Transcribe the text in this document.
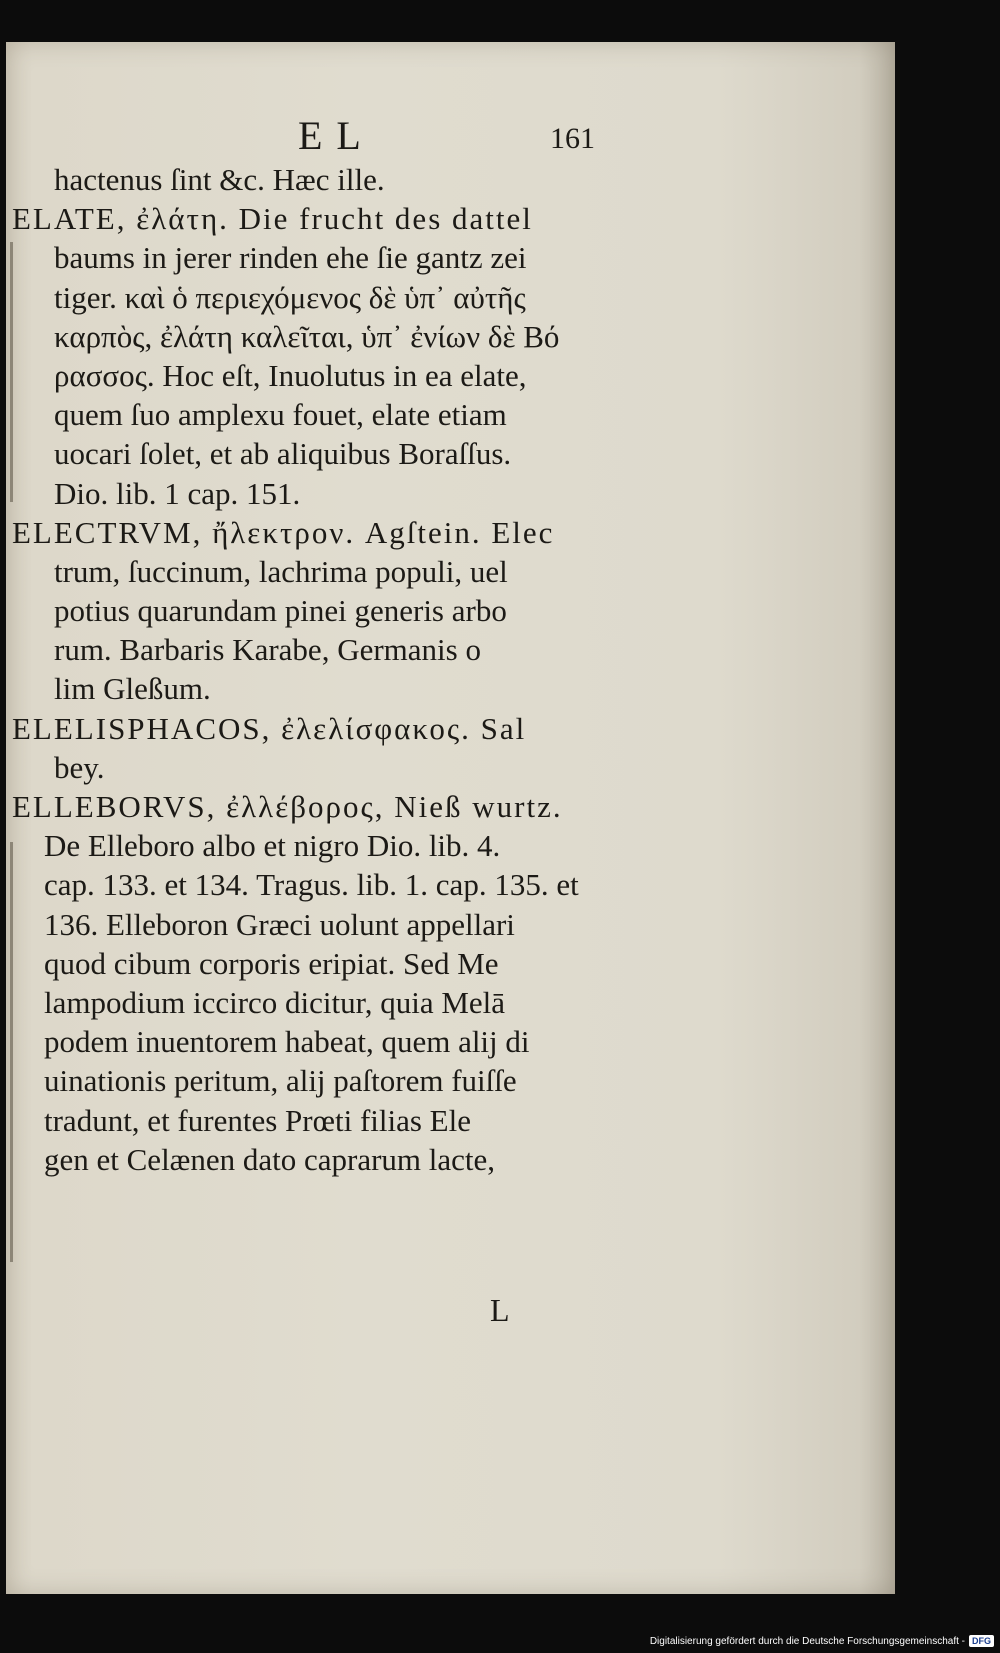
EL	161
hactenus ſint &c. Hæc ille.
ELATE, ἐλάτη. Die frucht des dattel
baums in jerer rinden ehe ſie gantz zei
tiger. καὶ ὁ περιεχόμενος δὲ ὑπ᾽ αὐτῆς
καρπὸς, ἐλάτη καλεῖται, ὑπ᾽ ἐνίων δὲ Βό
ρασσος. Hoc eſt, Inuolutus in ea elate,
quem ſuo amplexu fouet, elate etiam
uocari ſolet, et ab aliquibus Boraſſus.
Dio. lib. 1 cap. 151.
ELECTRVM, ἤλεκτρον. Agſtein. Elec
trum, ſuccinum, lachrima populi, uel
potius quarundam pinei generis arbo
rum. Barbaris Karabe, Germanis o
lim Gleßum.
ELELISPHACOS, ἐλελίσφακος. Sal
bey.
ELLEBORVS, ἐλλέβορος, Nieß wurtz.
De Elleboro albo et nigro Dio. lib. 4.
cap. 133. et 134. Tragus. lib. 1. cap. 135. et
136. Elleboron Græci uolunt appellari
quod cibum corporis eripiat. Sed Me
lampodium iccirco dicitur, quia Melā
podem inuentorem habeat, quem alij di
uinationis peritum, alij paſtorem fuiſſe
tradunt, et furentes Prœti filias Ele
gen et Celænen dato caprarum lacte,
L
Digitalisierung gefördert durch die Deutsche Forschungsgemeinschaft - DFG
